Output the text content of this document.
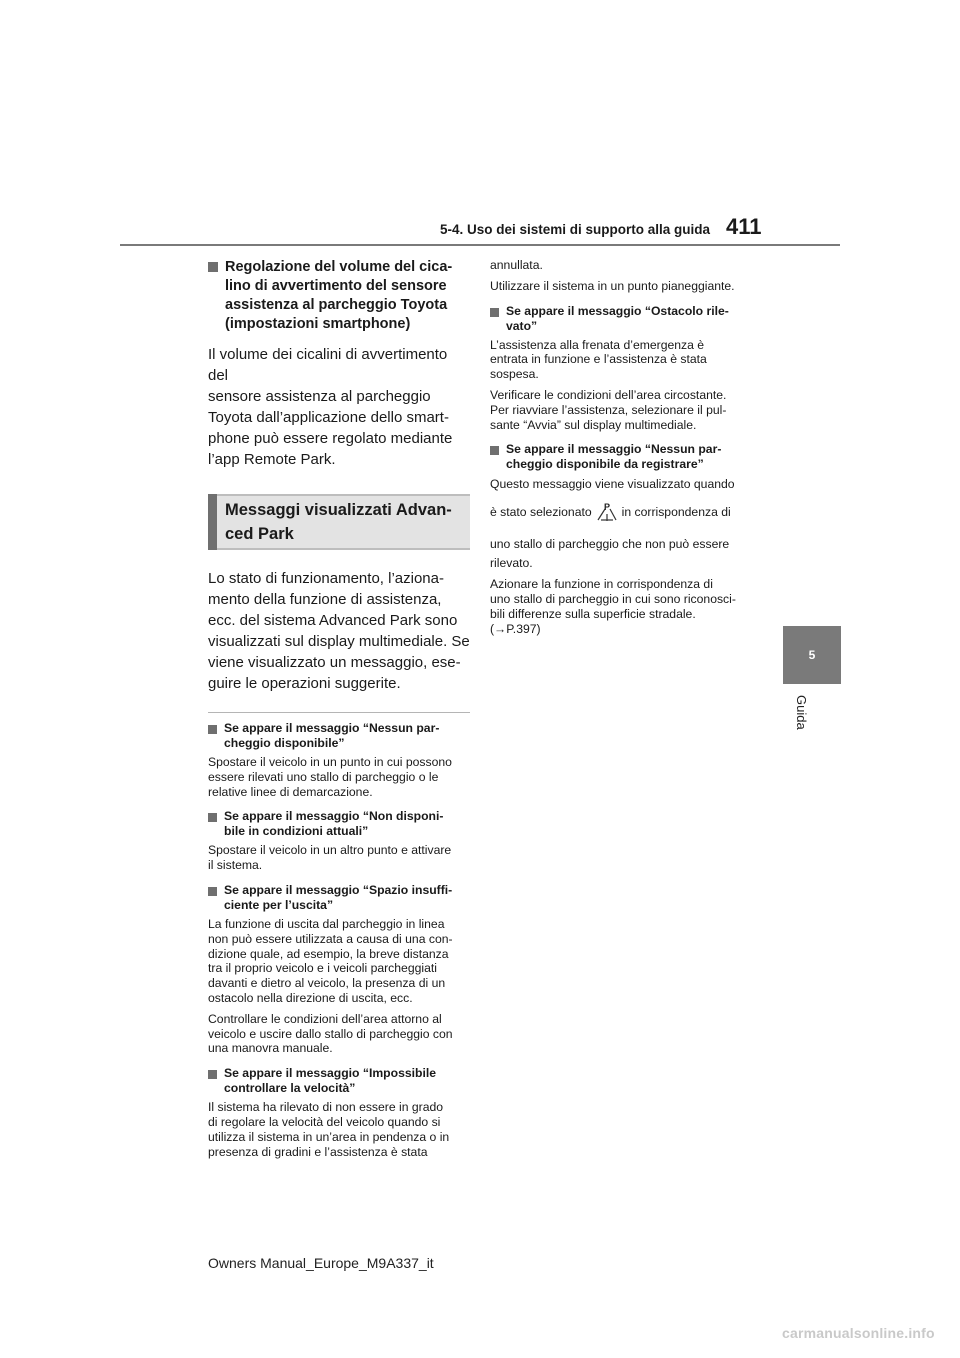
5-4. Uso dei sistemi di supporto alla guida 411
Regolazione del volume del cica-
lino di avvertimento del sensore
assistenza al parcheggio Toyota
(impostazioni smartphone)
Il volume dei cicalini di avvertimento del
sensore assistenza al parcheggio
Toyota dall’applicazione dello smart-
phone può essere regolato mediante
l’app Remote Park.
Messaggi visualizzati Advan-
ced Park
Lo stato di funzionamento, l’aziona-
mento della funzione di assistenza,
ecc. del sistema Advanced Park sono
visualizzati sul display multimediale. Se
viene visualizzato un messaggio, ese-
guire le operazioni suggerite.
Se appare il messaggio “Nessun par-
cheggio disponibile”
Spostare il veicolo in un punto in cui possono
essere rilevati uno stallo di parcheggio o le
relative linee di demarcazione.
Se appare il messaggio “Non disponi-
bile in condizioni attuali”
Spostare il veicolo in un altro punto e attivare
il sistema.
Se appare il messaggio “Spazio insuffi-
ciente per l’uscita”
La funzione di uscita dal parcheggio in linea
non può essere utilizzata a causa di una con-
dizione quale, ad esempio, la breve distanza
tra il proprio veicolo e i veicoli parcheggiati
davanti e dietro al veicolo, la presenza di un
ostacolo nella direzione di uscita, ecc.
Controllare le condizioni dell’area attorno al
veicolo e uscire dallo stallo di parcheggio con
una manovra manuale.
Se appare il messaggio “Impossibile
controllare la velocità”
Il sistema ha rilevato di non essere in grado
di regolare la velocità del veicolo quando si
utilizza il sistema in un’area in pendenza o in
presenza di gradini e l’assistenza è stata
annullata.
Utilizzare il sistema in un punto pianeggiante.
Se appare il messaggio “Ostacolo rile-
vato”
L’assistenza alla frenata d’emergenza è
entrata in funzione e l’assistenza è stata
sospesa.
Verificare le condizioni dell’area circostante.
Per riavviare l’assistenza, selezionare il pul-
sante “Avvia” sul display multimediale.
Se appare il messaggio “Nessun par-
cheggio disponibile da registrare”
Questo messaggio viene visualizzato quando
è stato selezionato P in corrispondenza di
uno stallo di parcheggio che non può essere
rilevato.
Azionare la funzione in corrispondenza di
uno stallo di parcheggio in cui sono riconosci-
bili differenze sulla superficie stradale.
(→P.397)
5
Guida
Owners Manual_Europe_M9A337_it
carmanualsonline.info
